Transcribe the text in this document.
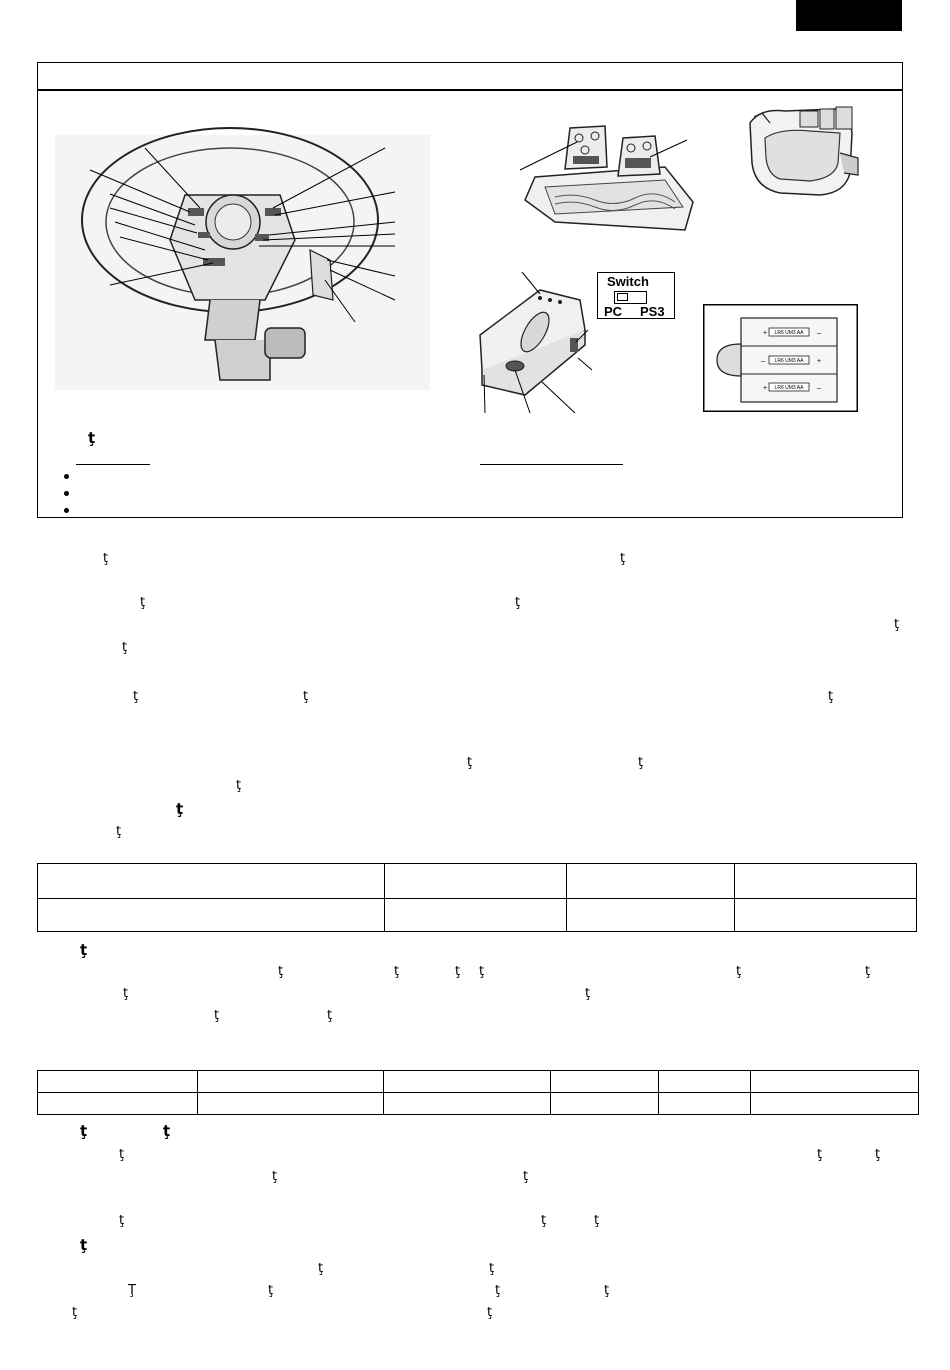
Switch
PC PS3
LR6 UM3 AA
LR6 UM3 AA
LR6 UM3 AA
+	–
–	+
+	–
ţ
ţ	ţ
ţ	ţ
ţ
ţ
ţ	ţ	ţ
ţ	ţ
ţ
ţ
ţ

ţ
ţ	ţ	ţ ţ	ţ	ţ
ţ	ţ
ţ	ţ

ţ	ţ
ţ	ţ	ţ
ţ	ţ
ţ	ţ	ţ
ţ
ţ	ţ
Ţ	ţ	ţ	ţ
ţ	ţ
